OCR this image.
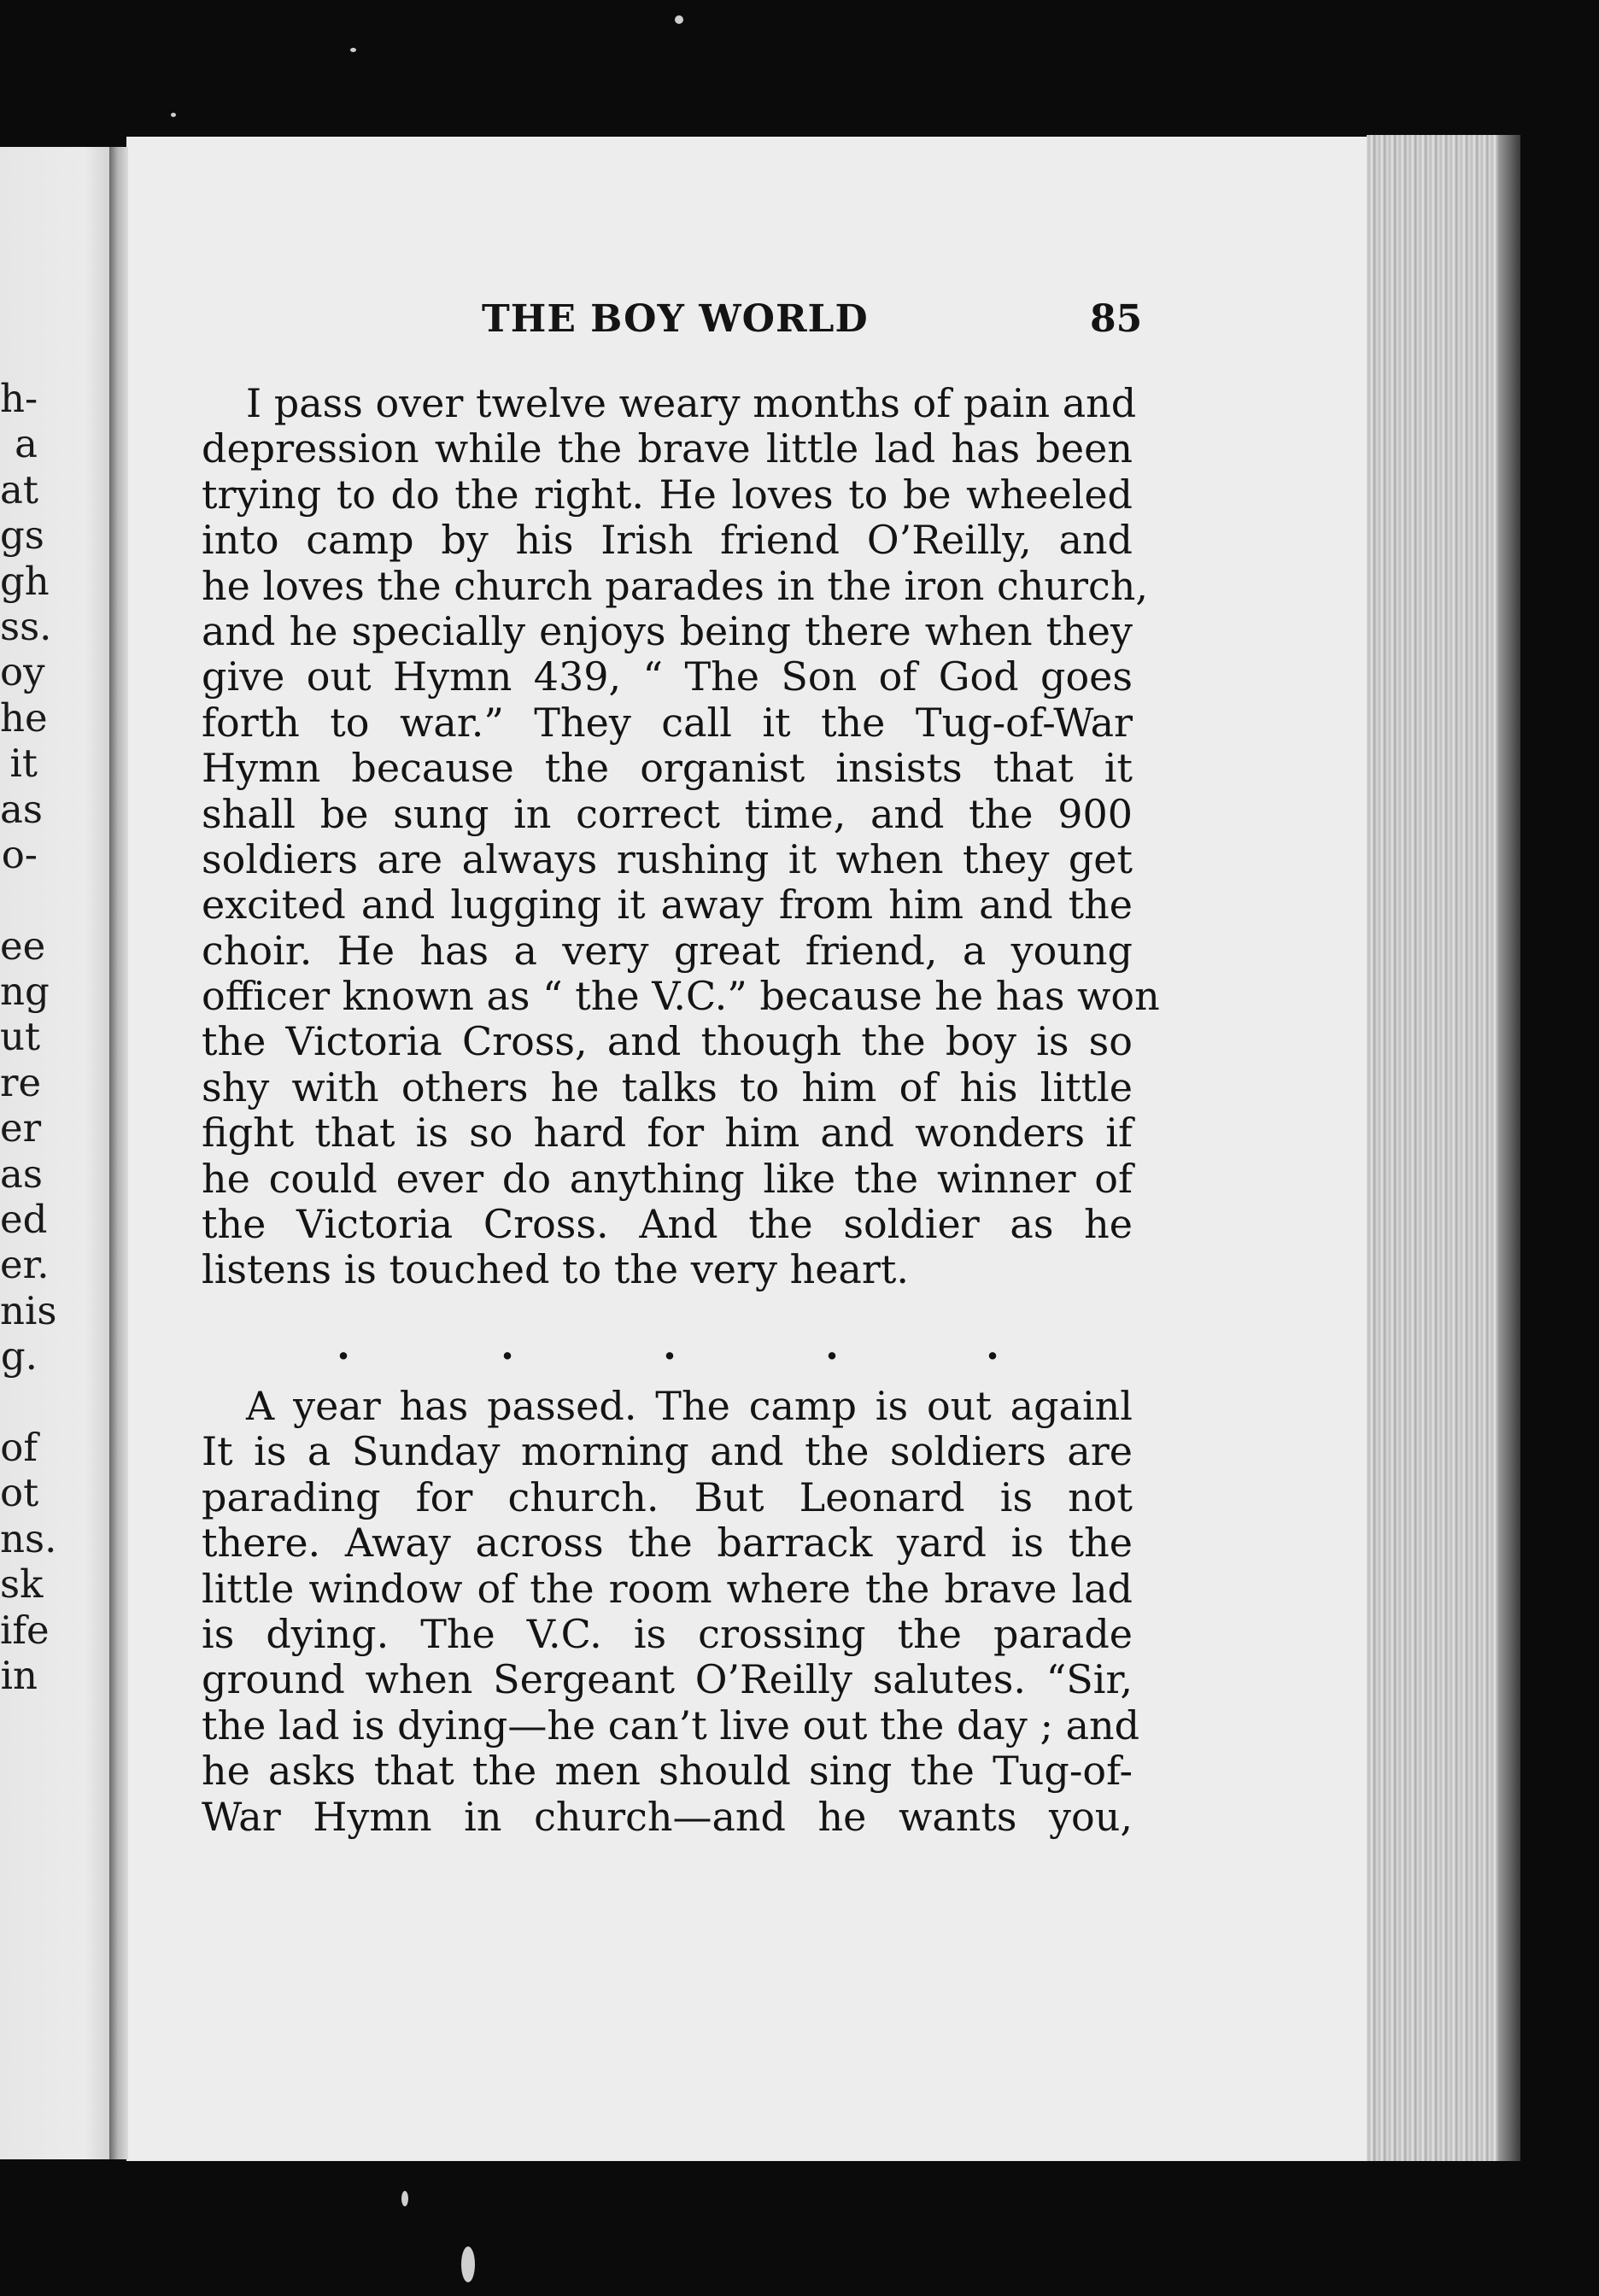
h-
a
at
gs
gh
ss.
oy
he
it
as
o-
ee
ng
ut
re
er
as
ed
er.
nis
g.
of
ot
ns.
sk
ife
in
THE BOY WORLD	85
I pass over twelve weary months of pain and
depression while the brave little lad has been
trying to do the right. He loves to be wheeled
into camp by his Irish friend O’Reilly, and
he loves the church parades in the iron church,
and he specially enjoys being there when they
give out Hymn 439, “ The Son of God goes
forth to war.” They call it the Tug-of-War
Hymn because the organist insists that it
shall be sung in correct time, and the 900
soldiers are always rushing it when they get
excited and lugging it away from him and the
choir. He has a very great friend, a young
officer known as “ the V.C.” because he has won
the Victoria Cross, and though the boy is so
shy with others he talks to him of his little
fight that is so hard for him and wonders if
he could ever do anything like the winner of
the Victoria Cross. And the soldier as he
listens is touched to the very heart.
.	.	.	.	.
A year has passed. The camp is out againl
It is a Sunday morning and the soldiers are
parading for church. But Leonard is not
there. Away across the barrack yard is the
little window of the room where the brave lad
is dying. The V.C. is crossing the parade
ground when Sergeant O’Reilly salutes. “Sir,
the lad is dying—he can’t live out the day ; and
he asks that the men should sing the Tug-of-
War Hymn in church—and he wants you,
